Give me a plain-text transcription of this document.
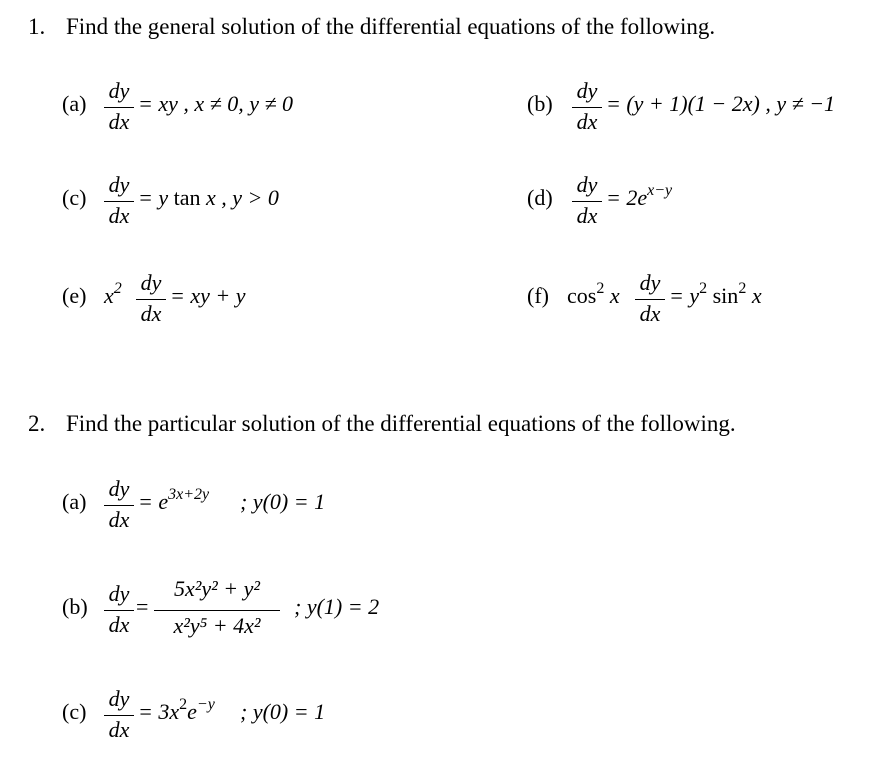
1. Find the general solution of the differential equations of the following.
(a)
dy
dx
= xy , x ≠ 0, y ≠ 0	(b)
dy
dx
= (y + 1)(1 − 2x) , y ≠ −1
(c)
dy
dx
= y tan x , y > 0	(d)
dy
dx
= $2e^{x-y}$
(e) $x^2$ dy
dx
= xy + y	(f) $\cos^2 x$
dy
dx
= $y^2$ $\sin^2 x$
2. Find the particular solution of the differential equations of the following.
(a)
dy
dx
= $e^{3x+2y}$ ; y(0) = 1
(b)
dy
dx
=
5x²y² + y²
x²y⁵ + 4x²
; y(1) = 2
(c)
dy
dx
= $3x^2e^{-y}$ ; y(0) = 1
